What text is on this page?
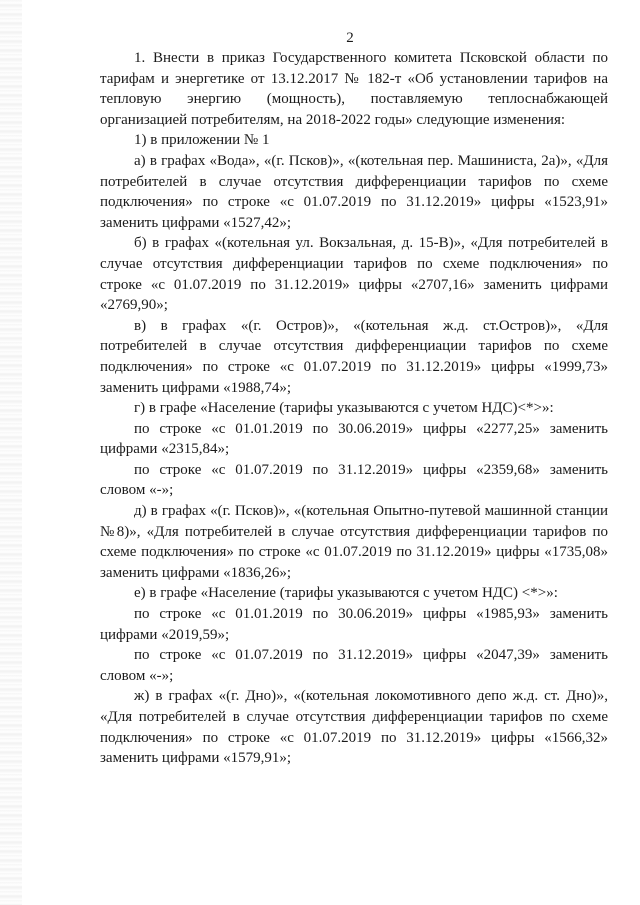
2

1. Внести в приказ Государственного комитета Псковской области по тарифам и энергетике от 13.12.2017 № 182-т «Об установлении тарифов на тепловую энергию (мощность), поставляемую теплоснабжающей организацией потребителям, на 2018-2022 годы» следующие изменения:

1) в приложении № 1

а) в графах «Вода», «(г. Псков)», «(котельная пер. Машиниста, 2а)», «Для потребителей в случае отсутствия дифференциации тарифов по схеме подключения» по строке «с 01.07.2019 по 31.12.2019» цифры «1523,91» заменить цифрами «1527,42»;

б) в графах «(котельная ул. Вокзальная, д. 15-В)», «Для потребителей в случае отсутствия дифференциации тарифов по схеме подключения» по строке «с 01.07.2019 по 31.12.2019» цифры «2707,16» заменить цифрами «2769,90»;

в) в графах «(г. Остров)», «(котельная ж.д. ст.Остров)», «Для потребителей в случае отсутствия дифференциации тарифов по схеме подключения» по строке «с 01.07.2019 по 31.12.2019» цифры «1999,73» заменить цифрами «1988,74»;

г) в графе «Население (тарифы указываются с учетом НДС)<*>»:

по строке «с 01.01.2019 по 30.06.2019» цифры «2277,25» заменить цифрами «2315,84»;

по строке «с 01.07.2019 по 31.12.2019» цифры «2359,68» заменить словом «-»;

д) в графах «(г. Псков)», «(котельная Опытно-путевой машинной станции №8)», «Для потребителей в случае отсутствия дифференциации тарифов по схеме подключения» по строке «с 01.07.2019 по 31.12.2019» цифры «1735,08» заменить цифрами «1836,26»;

е) в графе «Население (тарифы указываются с учетом НДС) <*>»:

по строке «с 01.01.2019 по 30.06.2019» цифры «1985,93» заменить цифрами «2019,59»;

по строке «с 01.07.2019 по 31.12.2019» цифры «2047,39» заменить словом «-»;

ж) в графах «(г. Дно)», «(котельная локомотивного депо ж.д. ст. Дно)», «Для потребителей в случае отсутствия дифференциации тарифов по схеме подключения» по строке «с 01.07.2019 по 31.12.2019» цифры «1566,32» заменить цифрами «1579,91»;
